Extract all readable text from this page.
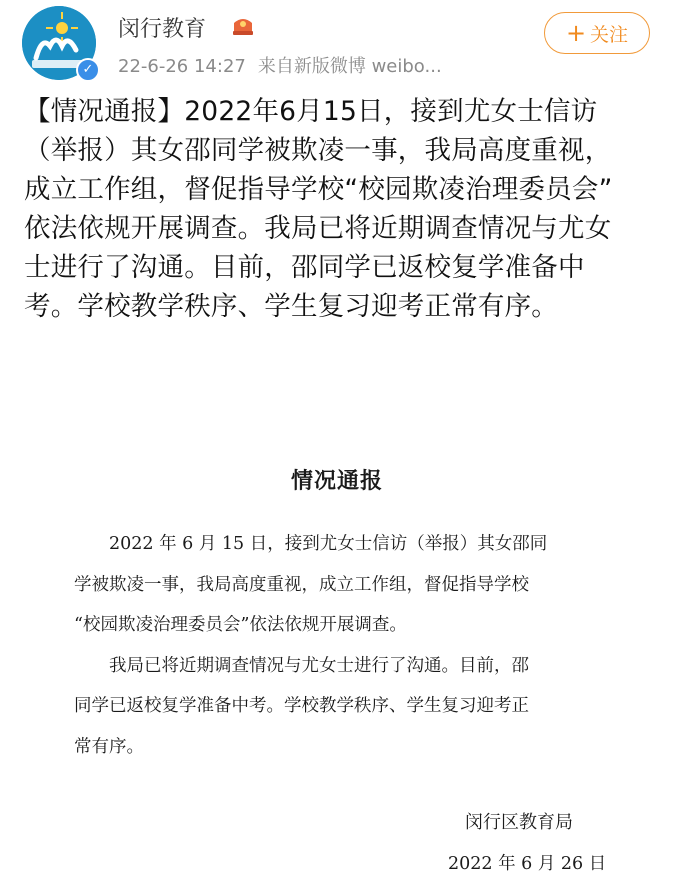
✓
闵行教育
22-6-26 14:27 来自新版微博 weibo...
+ 关注
【情况通报】2022年6月15日，接到尤女士信访
（举报）其女邵同学被欺凌一事，我局高度重视，
成立工作组，督促指导学校“校园欺凌治理委员会”
依法依规开展调查。我局已将近期调查情况与尤女
士进行了沟通。目前，邵同学已返校复学准备中
考。学校教学秩序、学生复习迎考正常有序。
情况通报
　　2022 年 6 月 15 日，接到尤女士信访（举报）其女邵同
学被欺凌一事，我局高度重视，成立工作组，督促指导学校
“校园欺凌治理委员会”依法依规开展调查。
　　我局已将近期调查情况与尤女士进行了沟通。目前，邵
同学已返校复学准备中考。学校教学秩序、学生复习迎考正
常有序。
闵行区教育局
2022 年 6 月 26 日
